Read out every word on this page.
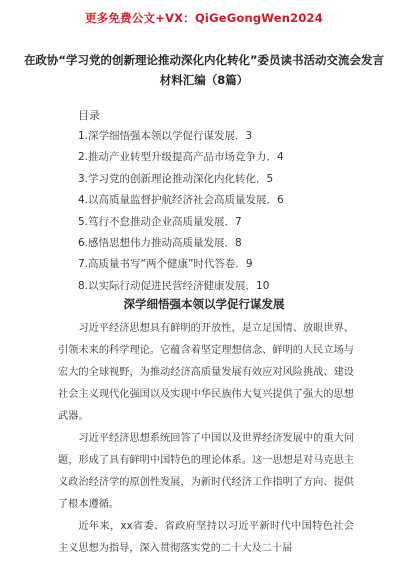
更多免费公文+VX：QiGeGongWen2024
在政协“学习党的创新理论推动深化内化转化”委员读书活动交流会发言材料汇编（8篇）
目录
1.深学细悟强本领以学促行谋发展．3
2.推动产业转型升级提高产品市场竞争力．4
3.学习党的创新理论推动深化内化转化．5
4.以高质量监督护航经济社会高质量发展．6
5.笃行不怠推动企业高质量发展．7
6.感悟思想伟力推动高质量发展．8
7.高质量书写“两个健康”时代答卷．9
8.以实际行动促进民营经济健康发展．10
深学细悟强本领以学促行谋发展

习近平经济思想具有鲜明的开放性，是立足国情、放眼世界、引领未来的科学理论。它蕴含着坚定理想信念、鲜明的人民立场与宏大的全球视野，为推动经济高质量发展有效应对风险挑战、建设社会主义现代化强国以及实现中华民族伟大复兴提供了强大的思想武器。

习近平经济思想系统回答了中国以及世界经济发展中的重大问题，形成了具有鲜明中国特色的理论体系。这一思想是对马克思主义政治经济学的原创性发展，为新时代经济工作指明了方向、提供了根本遵循。

近年来，xx省委、省政府坚持以习近平新时代中国特色社会主义思想为指导，深入贯彻落实党的二十大及二十届
